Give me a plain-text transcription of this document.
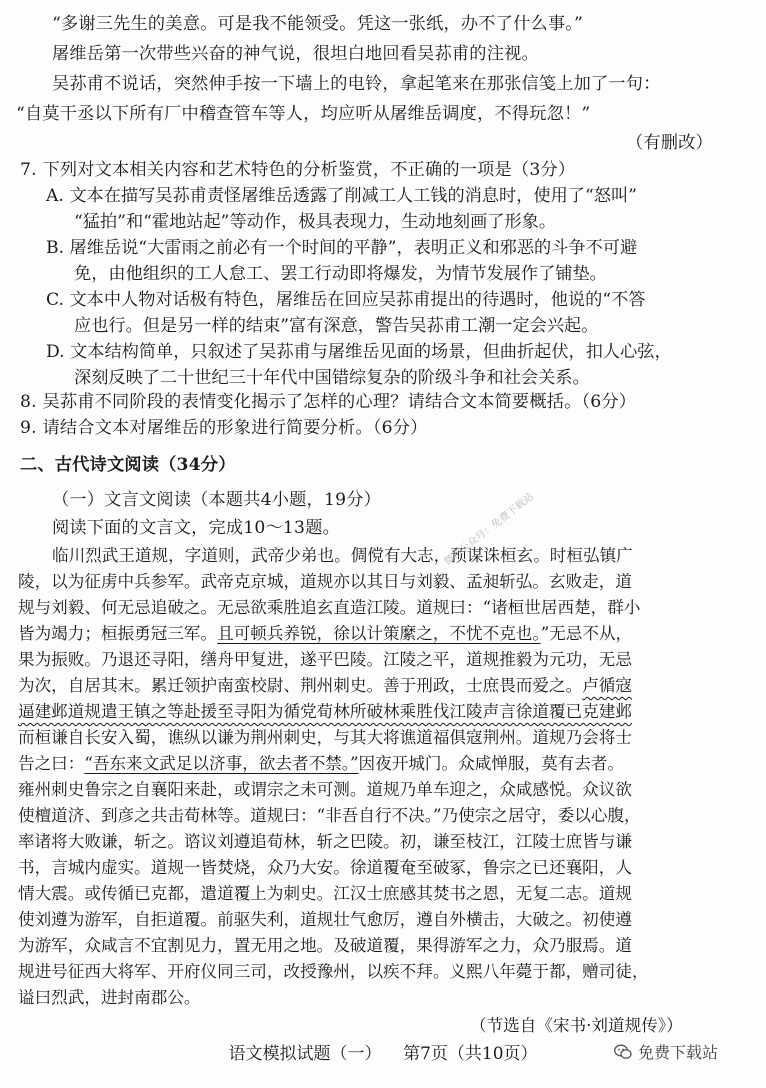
“多谢三先生的美意。可是我不能领受。凭这一张纸，办不了什么事。”
屠维岳第一次带些兴奋的神气说，很坦白地回看吴荪甫的注视。
吴荪甫不说话，突然伸手按一下墙上的电铃，拿起笔来在那张信笺上加了一句：
“自莫干丞以下所有厂中稽查管车等人，均应听从屠维岳调度，不得玩忽！”
（有删改）
7. 下列对文本相关内容和艺术特色的分析鉴赏，不正确的一项是（3分）
A. 文本在描写吴荪甫责怪屠维岳透露了削减工人工钱的消息时，使用了“怒叫”
“猛拍”和“霍地站起”等动作，极具表现力，生动地刻画了形象。
B. 屠维岳说“大雷雨之前必有一个时间的平静”，表明正义和邪恶的斗争不可避
免，由他组织的工人怠工、罢工行动即将爆发，为情节发展作了铺垫。
C. 文本中人物对话极有特色，屠维岳在回应吴荪甫提出的待遇时，他说的“不答
应也行。但是另一样的结束”富有深意，警告吴荪甫工潮一定会兴起。
D. 文本结构简单，只叙述了吴荪甫与屠维岳见面的场景，但曲折起伏，扣人心弦，
深刻反映了二十世纪三十年代中国错综复杂的阶级斗争和社会关系。
8. 吴荪甫不同阶段的表情变化揭示了怎样的心理？请结合文本简要概括。（6分）
9. 请结合文本对屠维岳的形象进行简要分析。（6分）
二、古代诗文阅读（34分）
（一）文言文阅读（本题共4小题，19分）
阅读下面的文言文，完成10～13题。
临川烈武王道规，字道则，武帝少弟也。倜傥有大志，预谋诛桓玄。时桓弘镇广
陵，以为征虏中兵参军。武帝克京城，道规亦以其日与刘毅、孟昶斩弘。玄败走，道
规与刘毅、何无忌追破之。无忌欲乘胜追玄直造江陵。道规曰：“诸桓世居西楚，群小
皆为竭力；桓振勇冠三军。且可顿兵养锐，徐以计策縻之，不忧不克也。”无忌不从，
果为振败。乃退还寻阳，缮舟甲复进，遂平巴陵。江陵之平，道规推毅为元功，无忌
为次，自居其末。累迁领护南蛮校尉、荆州刺史。善于刑政，士庶畏而爱之。卢循寇
逼建邺道规遣王镇之等赴援至寻阳为循党荀林所破林乘胜伐江陵声言徐道覆已克建邺
而桓谦自长安入蜀，谯纵以谦为荆州刺史，与其大将谯道福俱寇荆州。道规乃会将士
告之曰：“吾东来文武足以济事，欲去者不禁。”因夜开城门。众咸惮服，莫有去者。
雍州刺史鲁宗之自襄阳来赴，或谓宗之未可测。道规乃单车迎之，众咸感悦。众议欲
使檀道济、到彦之共击荀林等。道规曰：“非吾自行不决。”乃使宗之居守，委以心腹，
率诸将大败谦，斩之。谘议刘遵追荀林，斩之巴陵。初，谦至枝江，江陵士庶皆与谦
书，言城内虚实。道规一皆焚烧，众乃大安。徐道覆奄至破冢，鲁宗之已还襄阳，人
情大震。或传循已克都，遣道覆上为刺史。江汉士庶感其焚书之恩，无复二志。道规
使刘遵为游军，自拒道覆。前驱失利，道规壮气愈厉，遵自外横击，大破之。初使遵
为游军，众咸言不宜割见力，置无用之地。及破道覆，果得游军之力，众乃服焉。道
规进号征西大将军、开府仪同三司，改授豫州，以疾不拜。义熙八年薨于都，赠司徒，
微信公众号：免费下载站
语文模拟试题（一） 第7页（共10页）	免费下载站
谥曰烈武，进封南郡公。
（节选自《宋书·刘道规传》）
